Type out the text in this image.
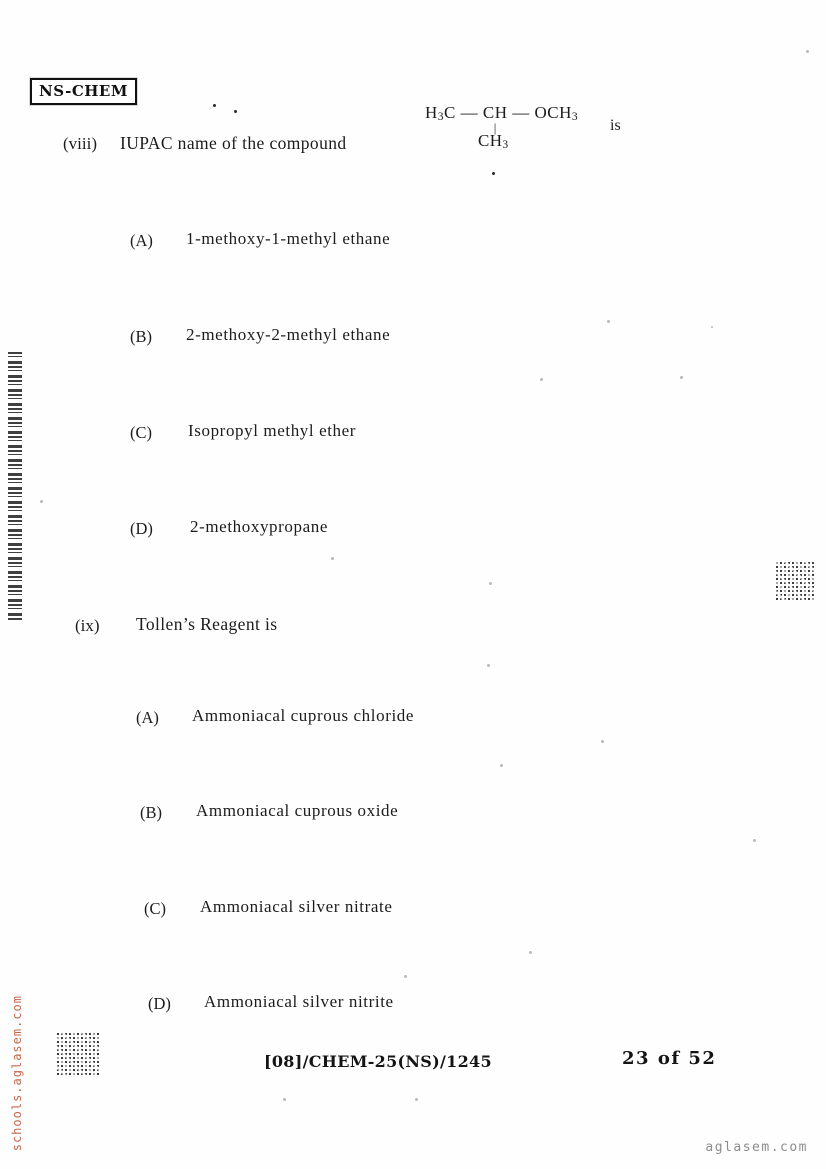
NS-CHEM
(viii) IUPAC name of the compound
$H_3C$ — CH — $OCH_3$
|
$CH_3$
is
(A) 1-methoxy-1-methyl ethane
(B) 2-methoxy-2-methyl ethane
(C) Isopropyl methyl ether
(D) 2-methoxypropane
(ix) Tollen’s Reagent is
(A) Ammoniacal cuprous chloride
(B) Ammoniacal cuprous oxide
(C) Ammoniacal silver nitrate
(D) Ammoniacal silver nitrite
[08]/CHEM-25(NS)/1245	23 of 52
aglasem.com
schools.aglasem.com
